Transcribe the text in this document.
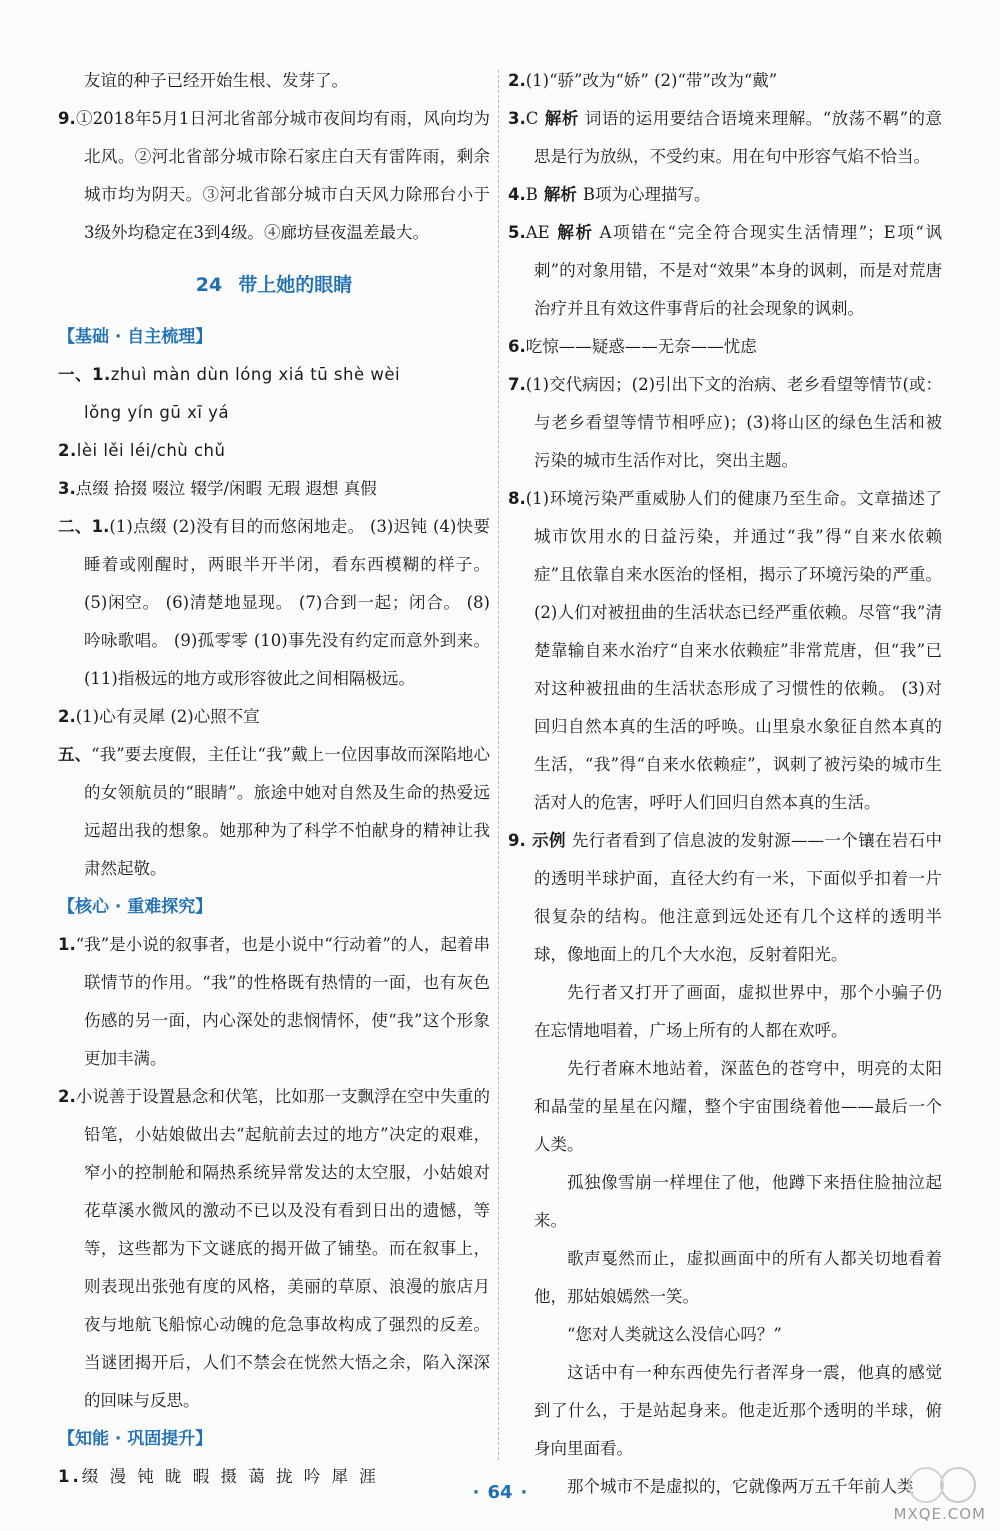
友谊的种子已经开始生根、发芽了。

9.①2018年5月1日河北省部分城市夜间均有雨，风向均为北风。②河北省部分城市除石家庄白天有雷阵雨，剩余城市均为阴天。③河北省部分城市白天风力除邢台小于3级外均稳定在3到4级。④廊坊昼夜温差最大。

24 带上她的眼睛
【基础 · 自主梳理】

一、1.zhuì màn dùn lóng xiá tū shè wèi

lǒng yín gū xī yá

2.lèi lěi léi/chù chǔ

3.点缀 拾掇 啜泣 辍学/闲暇 无瑕 遐想 真假

二、1.(1)点缀 (2)没有目的而悠闲地走。 (3)迟钝 (4)快要睡着或刚醒时，两眼半开半闭，看东西模糊的样子。 (5)闲空。 (6)清楚地显现。 (7)合到一起；闭合。 (8)吟咏歌唱。 (9)孤零零 (10)事先没有约定而意外到来。 (11)指极远的地方或形容彼此之间相隔极远。

2.(1)心有灵犀 (2)心照不宣

五、“我”要去度假，主任让“我”戴上一位因事故而深陷地心的女领航员的“眼睛”。旅途中她对自然及生命的热爱远远超出我的想象。她那种为了科学不怕献身的精神让我肃然起敬。

【核心 · 重难探究】

1.“我”是小说的叙事者，也是小说中“行动着”的人，起着串联情节的作用。“我”的性格既有热情的一面，也有灰色伤感的另一面，内心深处的悲悯情怀，使“我”这个形象更加丰满。

2.小说善于设置悬念和伏笔，比如那一支飘浮在空中失重的铅笔，小姑娘做出去“起航前去过的地方”决定的艰难，窄小的控制舱和隔热系统异常发达的太空服，小姑娘对花草溪水微风的激动不已以及没有看到日出的遗憾，等等，这些都为下文谜底的揭开做了铺垫。而在叙事上，则表现出张弛有度的风格，美丽的草原、浪漫的旅店月夜与地航飞船惊心动魄的危急事故构成了强烈的反差。当谜团揭开后，人们不禁会在恍然大悟之余，陷入深深的回味与反思。

【知能 · 巩固提升】

1.缀 漫 钝 眬 暇 摄 蔼 拢 吟 犀 涯

2.(1)“骄”改为“娇” (2)“带”改为“戴”

3.C 解析 词语的运用要结合语境来理解。“放荡不羁”的意思是行为放纵，不受约束。用在句中形容气焰不恰当。

4.B 解析 B项为心理描写。

5.AE 解析 A项错在“完全符合现实生活情理”；E项“讽刺”的对象用错，不是对“效果”本身的讽刺，而是对荒唐治疗并且有效这件事背后的社会现象的讽刺。

6.吃惊——疑惑——无奈——忧虑

7.(1)交代病因；(2)引出下文的治病、老乡看望等情节(或：与老乡看望等情节相呼应)；(3)将山区的绿色生活和被污染的城市生活作对比，突出主题。

8.(1)环境污染严重威胁人们的健康乃至生命。文章描述了城市饮用水的日益污染，并通过“我”得“自来水依赖症”且依靠自来水医治的怪相，揭示了环境污染的严重。 (2)人们对被扭曲的生活状态已经严重依赖。尽管“我”清楚靠输自来水治疗“自来水依赖症”非常荒唐，但“我”已对这种被扭曲的生活状态形成了习惯性的依赖。 (3)对回归自然本真的生活的呼唤。山里泉水象征自然本真的生活，“我”得“自来水依赖症”，讽刺了被污染的城市生活对人的危害，呼吁人们回归自然本真的生活。

9. 示例 先行者看到了信息波的发射源——一个镶在岩石中的透明半球护面，直径大约有一米，下面似乎扣着一片很复杂的结构。他注意到远处还有几个这样的透明半球，像地面上的几个大水泡，反射着阳光。

先行者又打开了画面，虚拟世界中，那个小骗子仍在忘情地唱着，广场上所有的人都在欢呼。

先行者麻木地站着，深蓝色的苍穹中，明亮的太阳和晶莹的星星在闪耀，整个宇宙围绕着他——最后一个人类。

孤独像雪崩一样埋住了他，他蹲下来捂住脸抽泣起来。

歌声戛然而止，虚拟画面中的所有人都关切地看着他，那姑娘嫣然一笑。

“您对人类就这么没信心吗？”

这话中有一种东西使先行者浑身一震，他真的感觉到了什么，于是站起身来。他走近那个透明的半球，俯身向里面看。

那个城市不是虚拟的，它就像两万五千年前人类

· 64 ·
MXQE.COM
